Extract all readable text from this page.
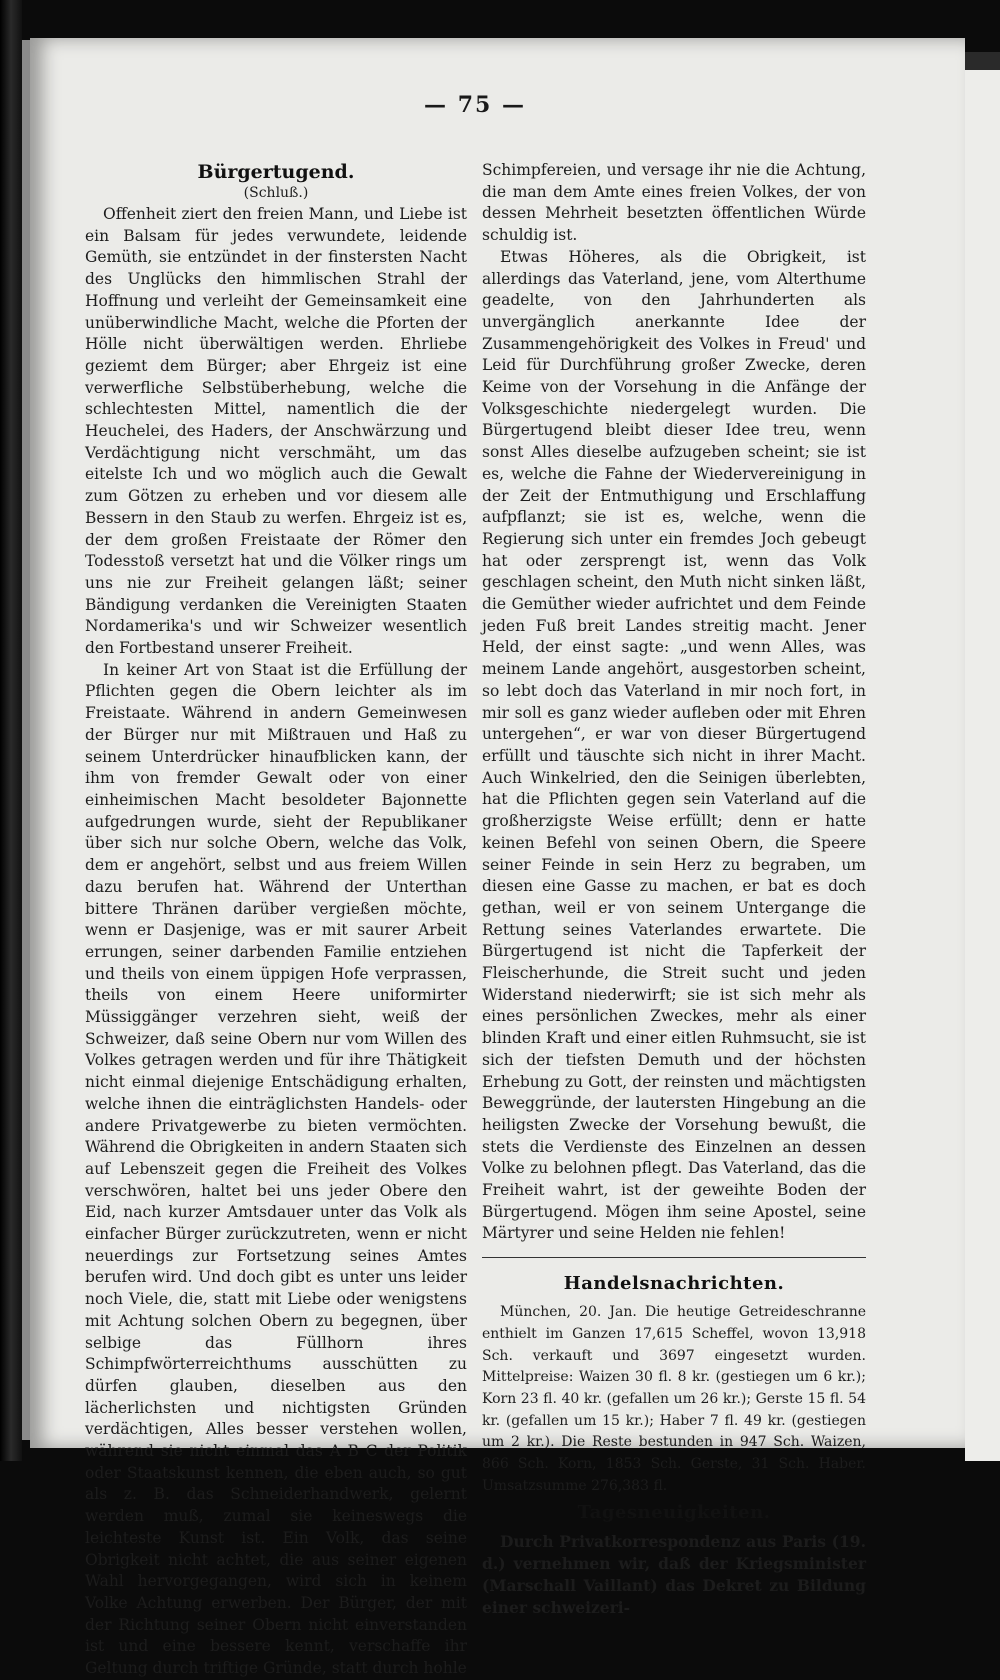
— 75 —

Bürgertugend.

(Schluß.)

Offenheit ziert den freien Mann, und Liebe ist ein Balsam für jedes verwundete, leidende Gemüth, sie entzündet in der finstersten Nacht des Unglücks den himmlischen Strahl der Hoffnung und verleiht der Gemeinsamkeit eine unüberwindliche Macht, welche die Pforten der Hölle nicht überwältigen werden. Ehrliebe geziemt dem Bürger; aber Ehrgeiz ist eine verwerfliche Selbstüberhebung, welche die schlechtesten Mittel, namentlich die der Heuchelei, des Haders, der Anschwärzung und Verdächtigung nicht verschmäht, um das eitelste Ich und wo möglich auch die Gewalt zum Götzen zu erheben und vor diesem alle Bessern in den Staub zu werfen. Ehrgeiz ist es, der dem großen Freistaate der Römer den Todesstoß versetzt hat und die Völker rings um uns nie zur Freiheit gelangen läßt; seiner Bändigung verdanken die Vereinigten Staaten Nordamerika's und wir Schweizer wesentlich den Fortbestand unserer Freiheit.

In keiner Art von Staat ist die Erfüllung der Pflichten gegen die Obern leichter als im Freistaate. Während in andern Gemeinwesen der Bürger nur mit Mißtrauen und Haß zu seinem Unterdrücker hinaufblicken kann, der ihm von fremder Gewalt oder von einer einheimischen Macht besoldeter Bajonnette aufgedrungen wurde, sieht der Republikaner über sich nur solche Obern, welche das Volk, dem er angehört, selbst und aus freiem Willen dazu berufen hat. Während der Unterthan bittere Thränen darüber vergießen möchte, wenn er Dasjenige, was er mit saurer Arbeit errungen, seiner darbenden Familie entziehen und theils von einem üppigen Hofe verprassen, theils von einem Heere uniformirter Müssiggänger verzehren sieht, weiß der Schweizer, daß seine Obern nur vom Willen des Volkes getragen werden und für ihre Thätigkeit nicht einmal diejenige Entschädigung erhalten, welche ihnen die einträglichsten Handels- oder andere Privatgewerbe zu bieten vermöchten. Während die Obrigkeiten in andern Staaten sich auf Lebenszeit gegen die Freiheit des Volkes verschwören, haltet bei uns jeder Obere den Eid, nach kurzer Amtsdauer unter das Volk als einfacher Bürger zurückzutreten, wenn er nicht neuerdings zur Fortsetzung seines Amtes berufen wird. Und doch gibt es unter uns leider noch Viele, die, statt mit Liebe oder wenigstens mit Achtung solchen Obern zu begegnen, über selbige das Füllhorn ihres Schimpfwörterreichthums ausschütten zu dürfen glauben, dieselben aus den lächerlichsten und nichtigsten Gründen verdächtigen, Alles besser verstehen wollen, während sie nicht einmal das A B C der Politik oder Staatskunst kennen, die eben auch, so gut als z. B. das Schneiderhandwerk, gelernt werden muß, zumal sie keineswegs die leichteste Kunst ist. Ein Volk, das seine Obrigkeit nicht achtet, die aus seiner eigenen Wahl hervorgegangen, wird sich in keinem Volke Achtung erwerben. Der Bürger, der mit der Richtung seiner Obern nicht einverstanden ist und eine bessere kennt, verschaffe ihr Geltung durch triftige Gründe, statt durch hohle

Schimpfereien, und versage ihr nie die Achtung, die man dem Amte eines freien Volkes, der von dessen Mehrheit besetzten öffentlichen Würde schuldig ist.

Etwas Höheres, als die Obrigkeit, ist allerdings das Vaterland, jene, vom Alterthume geadelte, von den Jahrhunderten als unvergänglich anerkannte Idee der Zusammengehörigkeit des Volkes in Freud' und Leid für Durchführung großer Zwecke, deren Keime von der Vorsehung in die Anfänge der Volksgeschichte niedergelegt wurden. Die Bürgertugend bleibt dieser Idee treu, wenn sonst Alles dieselbe aufzugeben scheint; sie ist es, welche die Fahne der Wiedervereinigung in der Zeit der Entmuthigung und Erschlaffung aufpflanzt; sie ist es, welche, wenn die Regierung sich unter ein fremdes Joch gebeugt hat oder zersprengt ist, wenn das Volk geschlagen scheint, den Muth nicht sinken läßt, die Gemüther wieder aufrichtet und dem Feinde jeden Fuß breit Landes streitig macht. Jener Held, der einst sagte: „und wenn Alles, was meinem Lande angehört, ausgestorben scheint, so lebt doch das Vaterland in mir noch fort, in mir soll es ganz wieder aufleben oder mit Ehren untergehen“, er war von dieser Bürgertugend erfüllt und täuschte sich nicht in ihrer Macht. Auch Winkelried, den die Seinigen überlebten, hat die Pflichten gegen sein Vaterland auf die großherzigste Weise erfüllt; denn er hatte keinen Befehl von seinen Obern, die Speere seiner Feinde in sein Herz zu begraben, um diesen eine Gasse zu machen, er bat es doch gethan, weil er von seinem Untergange die Rettung seines Vaterlandes erwartete. Die Bürgertugend ist nicht die Tapferkeit der Fleischerhunde, die Streit sucht und jeden Widerstand niederwirft; sie ist sich mehr als eines persönlichen Zweckes, mehr als einer blinden Kraft und einer eitlen Ruhmsucht, sie ist sich der tiefsten Demuth und der höchsten Erhebung zu Gott, der reinsten und mächtigsten Beweggründe, der lautersten Hingebung an die heiligsten Zwecke der Vorsehung bewußt, die stets die Verdienste des Einzelnen an dessen Volke zu belohnen pflegt. Das Vaterland, das die Freiheit wahrt, ist der geweihte Boden der Bürgertugend. Mögen ihm seine Apostel, seine Märtyrer und seine Helden nie fehlen!

Handelsnachrichten.

München, 20. Jan. Die heutige Getreideschranne enthielt im Ganzen 17,615 Scheffel, wovon 13,918 Sch. verkauft und 3697 eingesetzt wurden. Mittelpreise: Waizen 30 fl. 8 kr. (gestiegen um 6 kr.); Korn 23 fl. 40 kr. (gefallen um 26 kr.); Gerste 15 fl. 54 kr. (gefallen um 15 kr.); Haber 7 fl. 49 kr. (gestiegen um 2 kr.). Die Reste bestunden in 947 Sch. Waizen, 866 Sch. Korn, 1853 Sch. Gerste, 31 Sch. Haber. Umsatzsumme 276,383 fl.

Tagesneuigkeiten.

Durch Privatkorrespondenz aus Paris (19. d.) vernehmen wir, daß der Kriegsminister (Marschall Vaillant) das Dekret zu Bildung einer schweizeri-
